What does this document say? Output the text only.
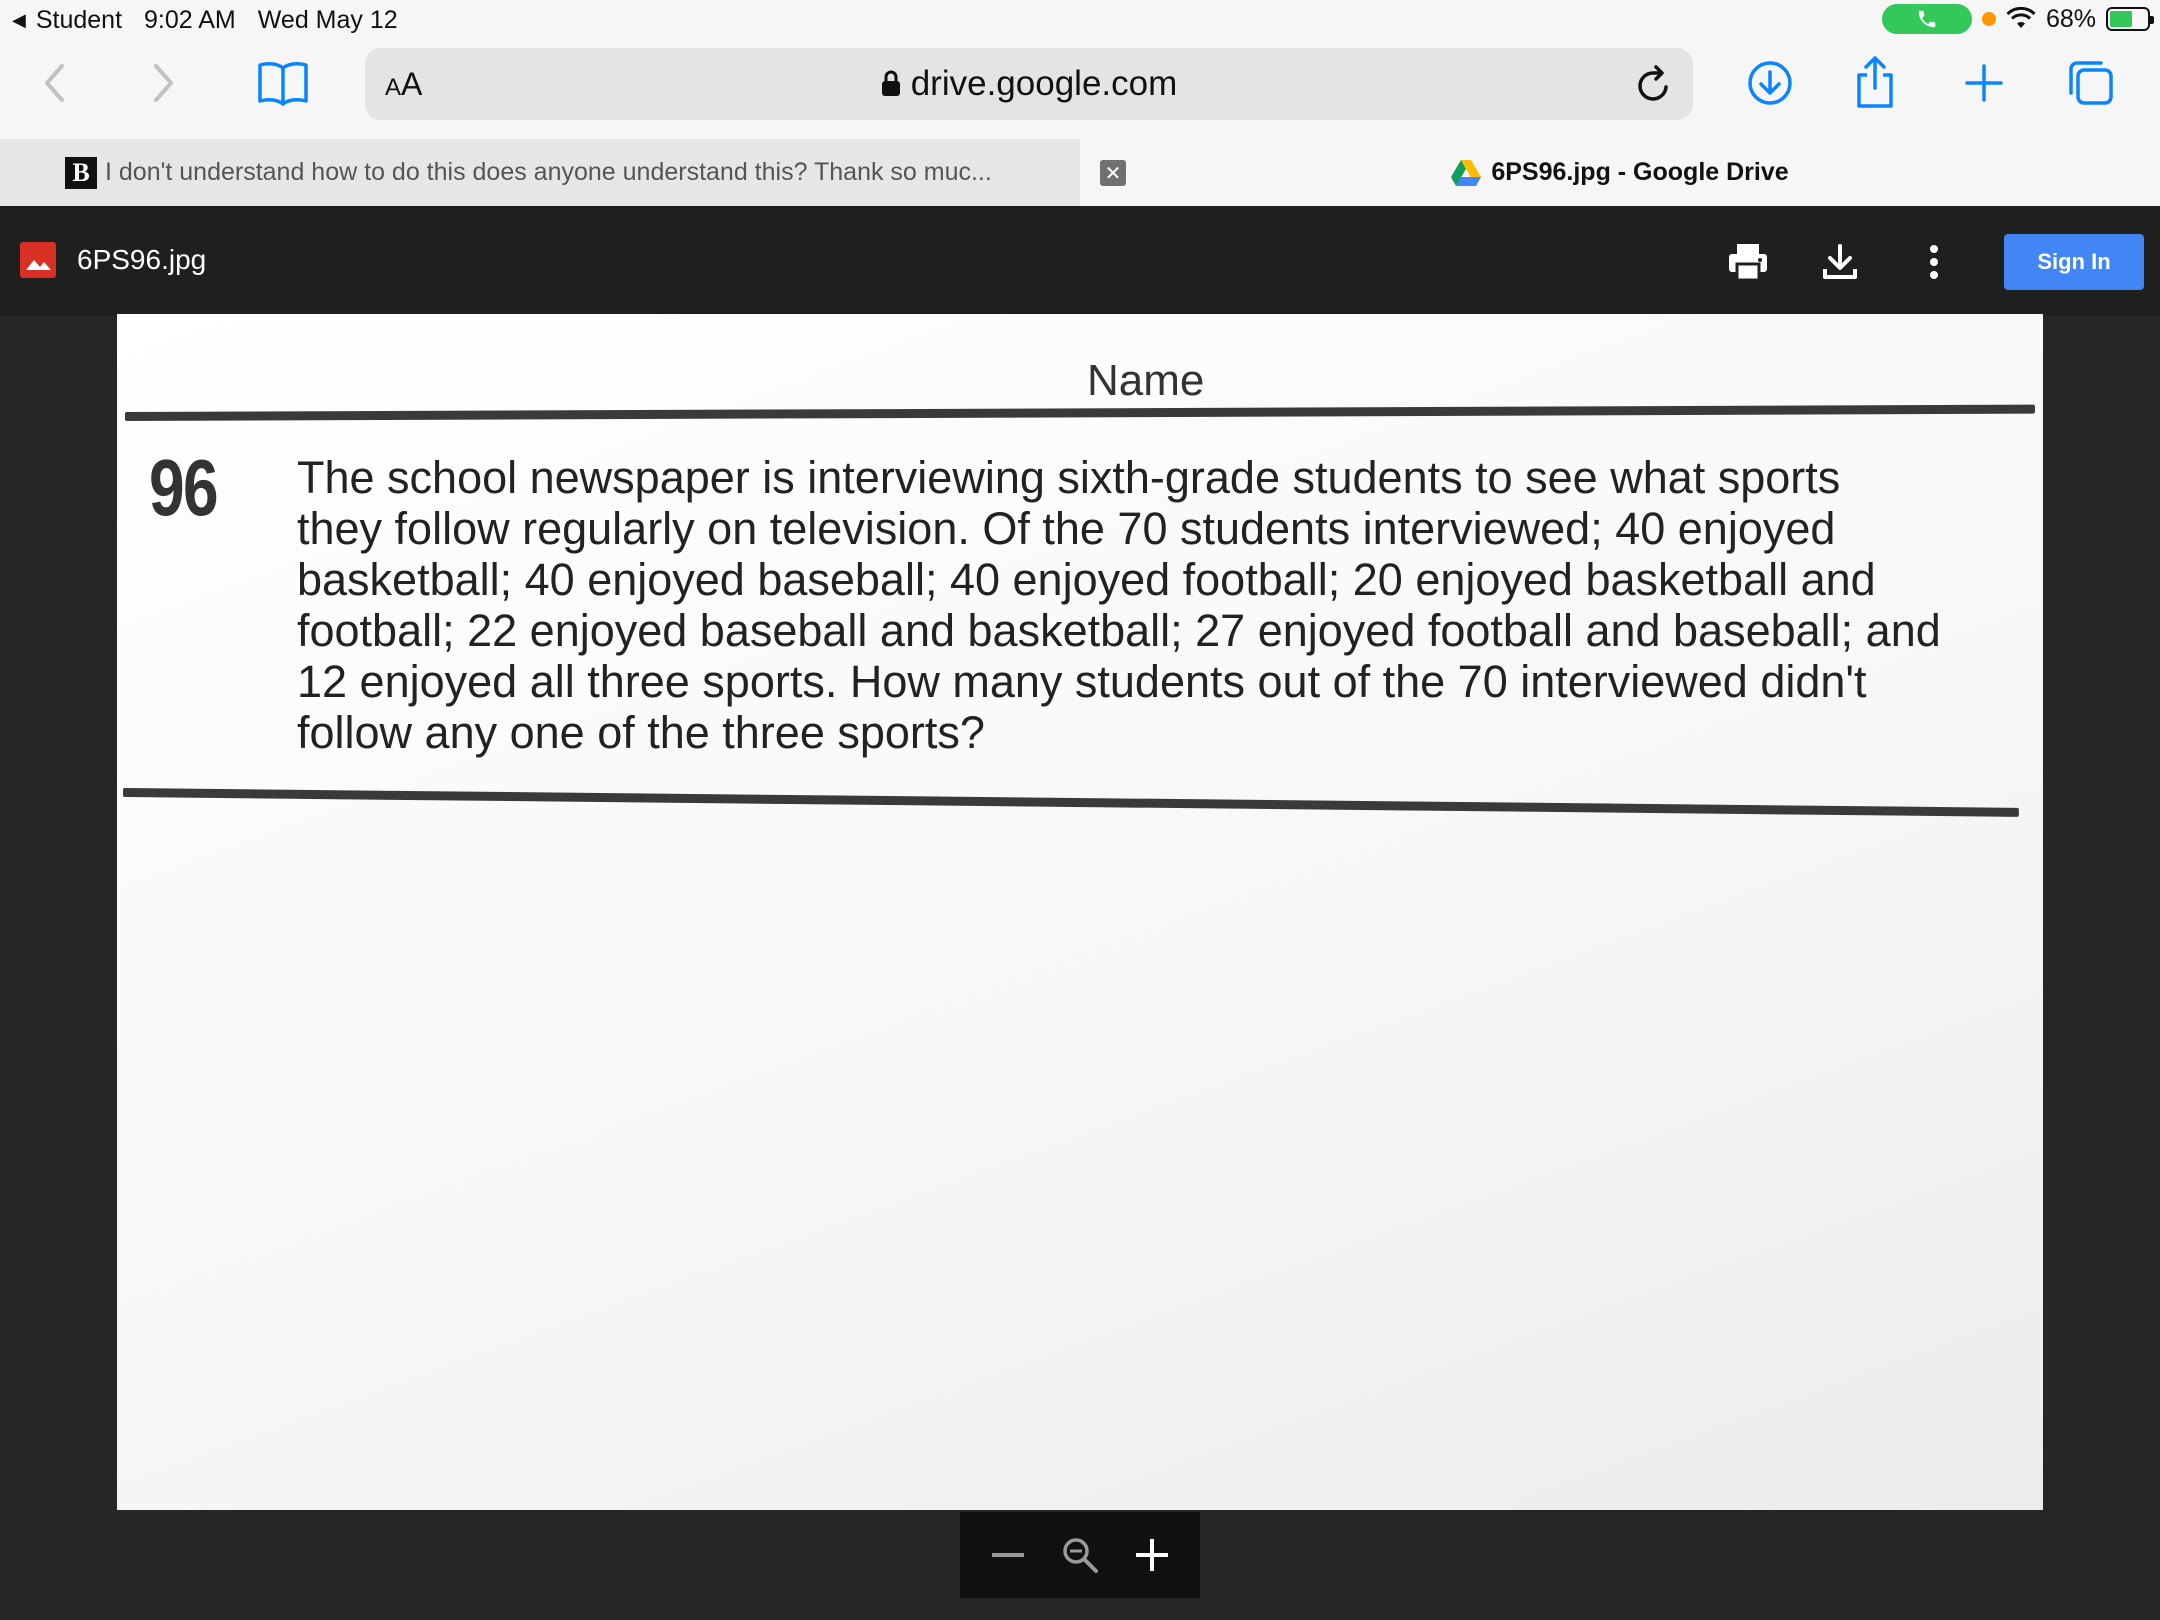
◀ Student 9:02 AM Wed May 12	68%
AA	drive.google.com
B I don't understand how to do this does anyone understand this? Thank so muc...	6PS96.jpg - Google Drive
✕
6PS96.jpg	Sign In
Name
96 The school newspaper is interviewing sixth-grade students to see what sports
they follow regularly on television. Of the 70 students interviewed; 40 enjoyed
basketball; 40 enjoyed baseball; 40 enjoyed football; 20 enjoyed basketball and
football; 22 enjoyed baseball and basketball; 27 enjoyed football and baseball; and
12 enjoyed all three sports. How many students out of the 70 interviewed didn't
follow any one of the three sports?
